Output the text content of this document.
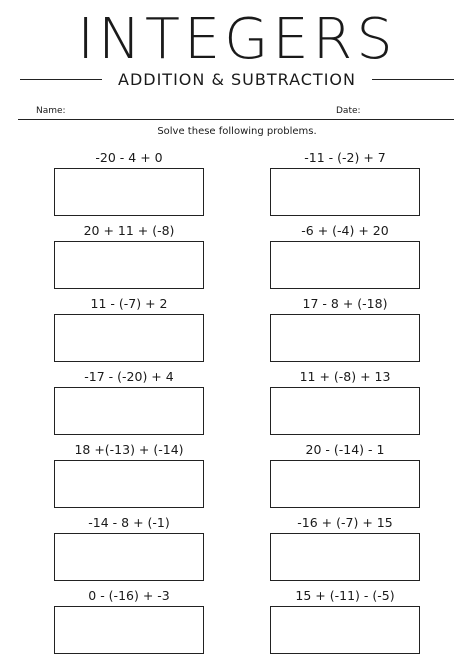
INTEGERS
ADDITION & SUBTRACTION
Name:	Date:
Solve these following problems.
-20 - 4 + 0
20 + 11 + (-8)
11 - (-7) + 2
-17 - (-20) + 4
18 +(-13) + (-14)
-14 - 8 + (-1)
0 - (-16) + -3
-11 - (-2) + 7
-6 + (-4) + 20
17 - 8 + (-18)
11 + (-8) + 13
20 - (-14) - 1
-16 + (-7) + 15
15 + (-11) - (-5)
